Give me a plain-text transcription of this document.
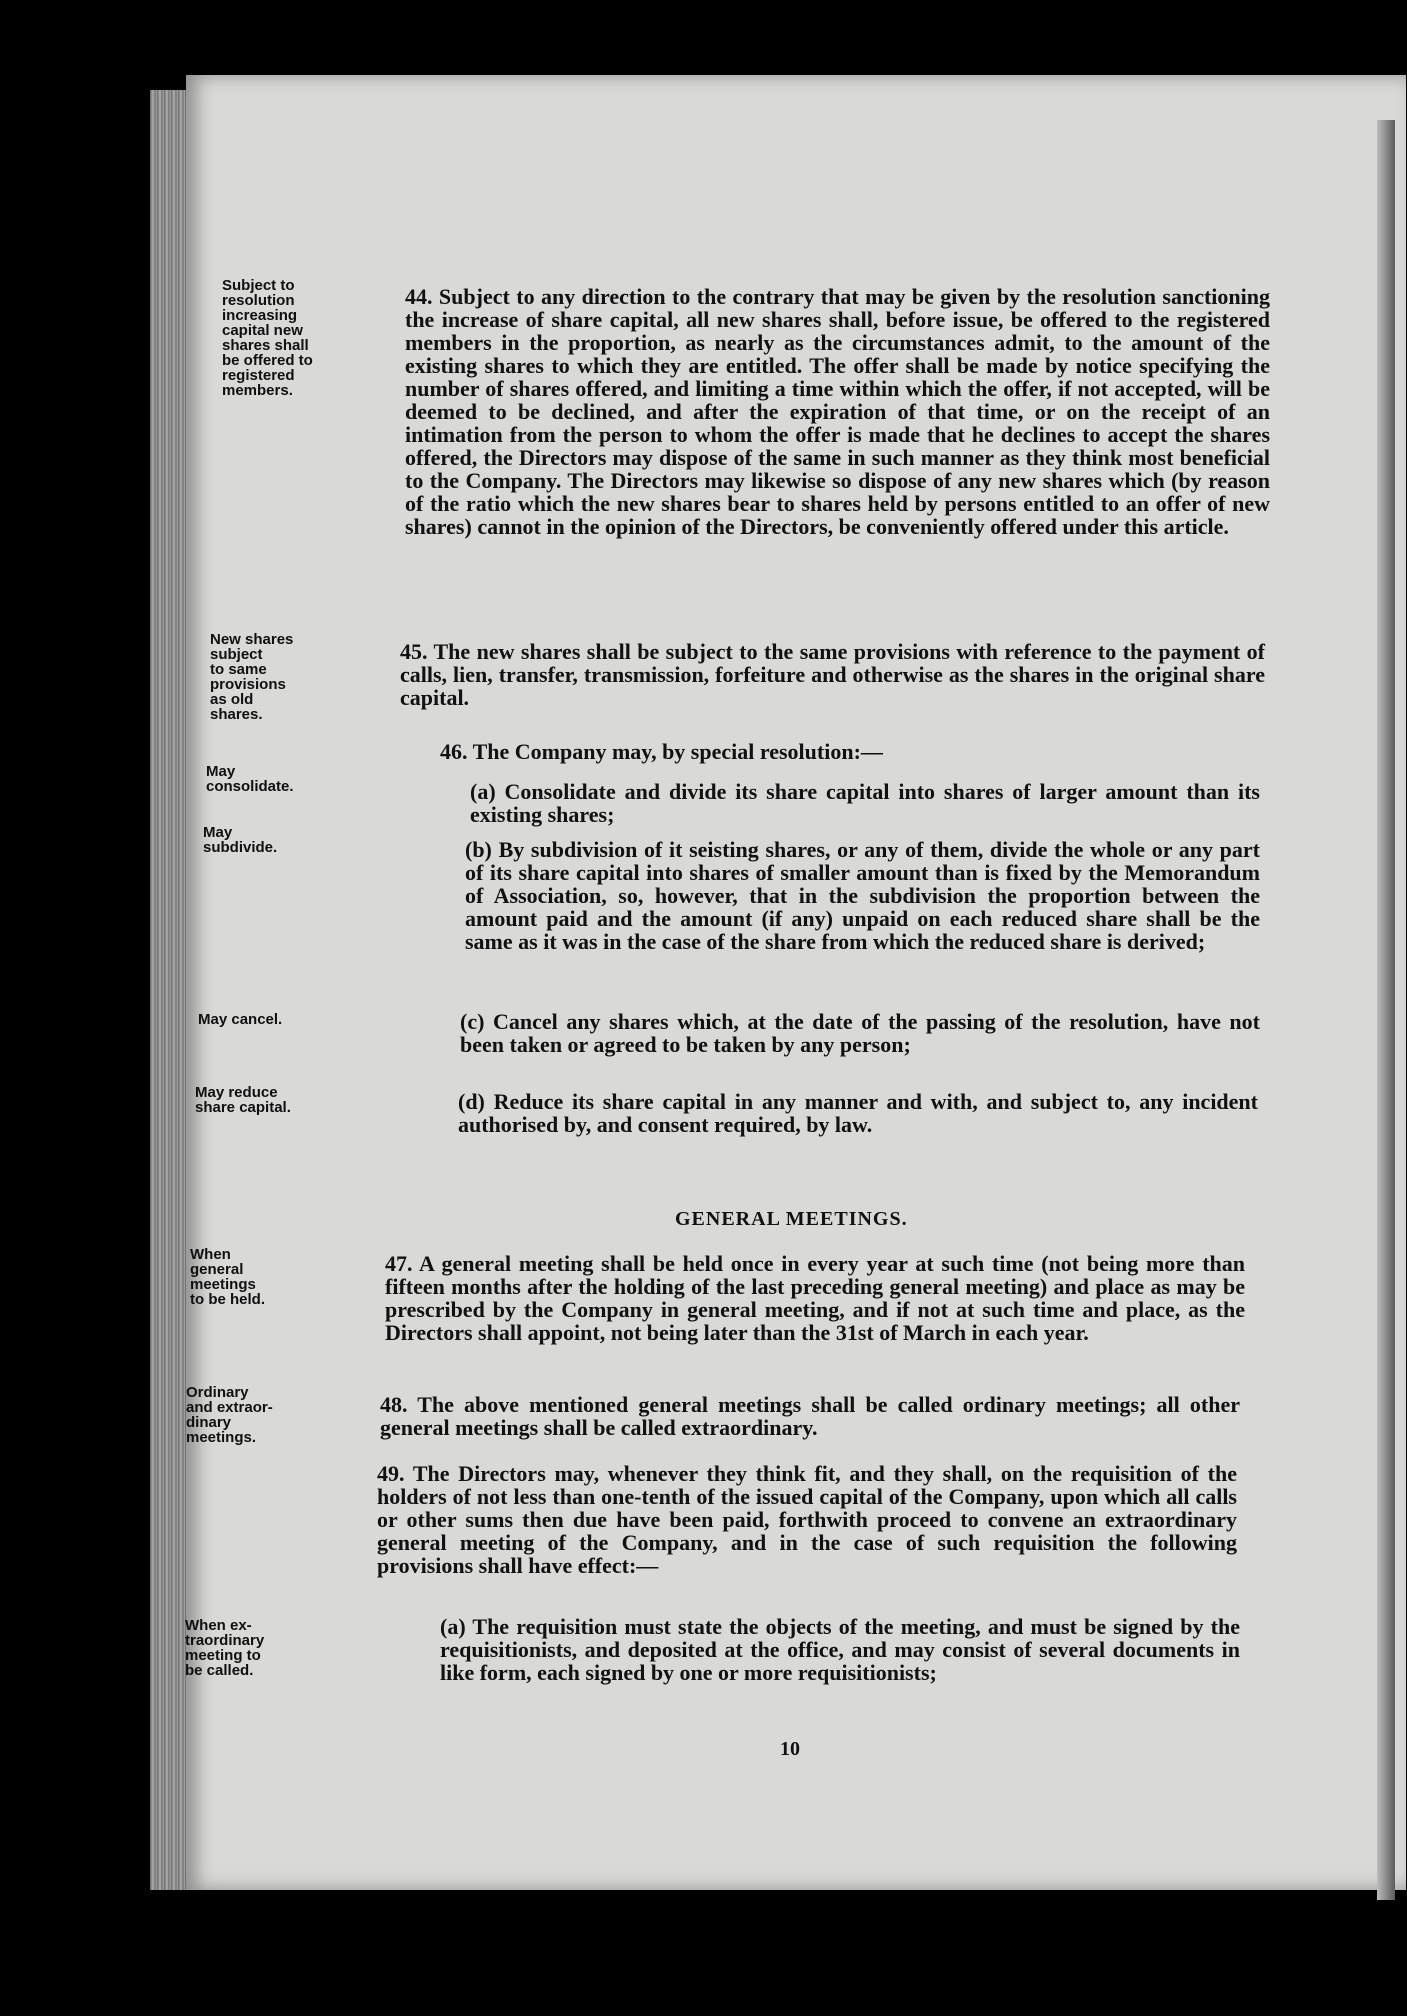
Subject to
resolution
increasing
capital new
shares shall
be offered to
registered
members.
New shares
subject
to same
provisions
as old
shares.
May
consolidate.
May
subdivide.
May cancel.
May reduce
share capital.
When
general
meetings
to be held.
Ordinary
and extraor-
dinary
meetings.
When ex-
traordinary
meeting to
be called.
44. Subject to any direction to the contrary that may be given by the resolution sanctioning the increase of share capital, all new shares shall, before issue, be offered to the registered members in the proportion, as nearly as the circumstances admit, to the amount of the existing shares to which they are entitled. The offer shall be made by notice specifying the number of shares offered, and limiting a time within which the offer, if not accepted, will be deemed to be declined, and after the expiration of that time, or on the receipt of an intimation from the person to whom the offer is made that he declines to accept the shares offered, the Directors may dispose of the same in such manner as they think most beneficial to the Company. The Directors may likewise so dispose of any new shares which (by reason of the ratio which the new shares bear to shares held by persons entitled to an offer of new shares) cannot in the opinion of the Directors, be conveniently offered under this article.
45. The new shares shall be subject to the same provisions with reference to the payment of calls, lien, transfer, transmission, forfeiture and otherwise as the shares in the original share capital.
46. The Company may, by special resolution:—
(a) Consolidate and divide its share capital into shares of larger amount than its existing shares;
(b) By subdivision of it seisting shares, or any of them, divide the whole or any part of its share capital into shares of smaller amount than is fixed by the Memorandum of Association, so, however, that in the subdivision the proportion between the amount paid and the amount (if any) unpaid on each reduced share shall be the same as it was in the case of the share from which the reduced share is derived;
(c) Cancel any shares which, at the date of the passing of the resolution, have not been taken or agreed to be taken by any person;
(d) Reduce its share capital in any manner and with, and subject to, any incident authorised by, and consent required, by law.
GENERAL MEETINGS.
47. A general meeting shall be held once in every year at such time (not being more than fifteen months after the holding of the last preceding general meeting) and place as may be prescribed by the Company in general meeting, and if not at such time and place, as the Directors shall appoint, not being later than the 31st of March in each year.
48. The above mentioned general meetings shall be called ordinary meetings; all other general meetings shall be called extraordinary.
49. The Directors may, whenever they think fit, and they shall, on the requisition of the holders of not less than one-tenth of the issued capital of the Company, upon which all calls or other sums then due have been paid, forthwith proceed to convene an extraordinary general meeting of the Company, and in the case of such requisition the following provisions shall have effect:—
(a) The requisition must state the objects of the meeting, and must be signed by the requisitionists, and deposited at the office, and may consist of several documents in like form, each signed by one or more requisitionists;
10
